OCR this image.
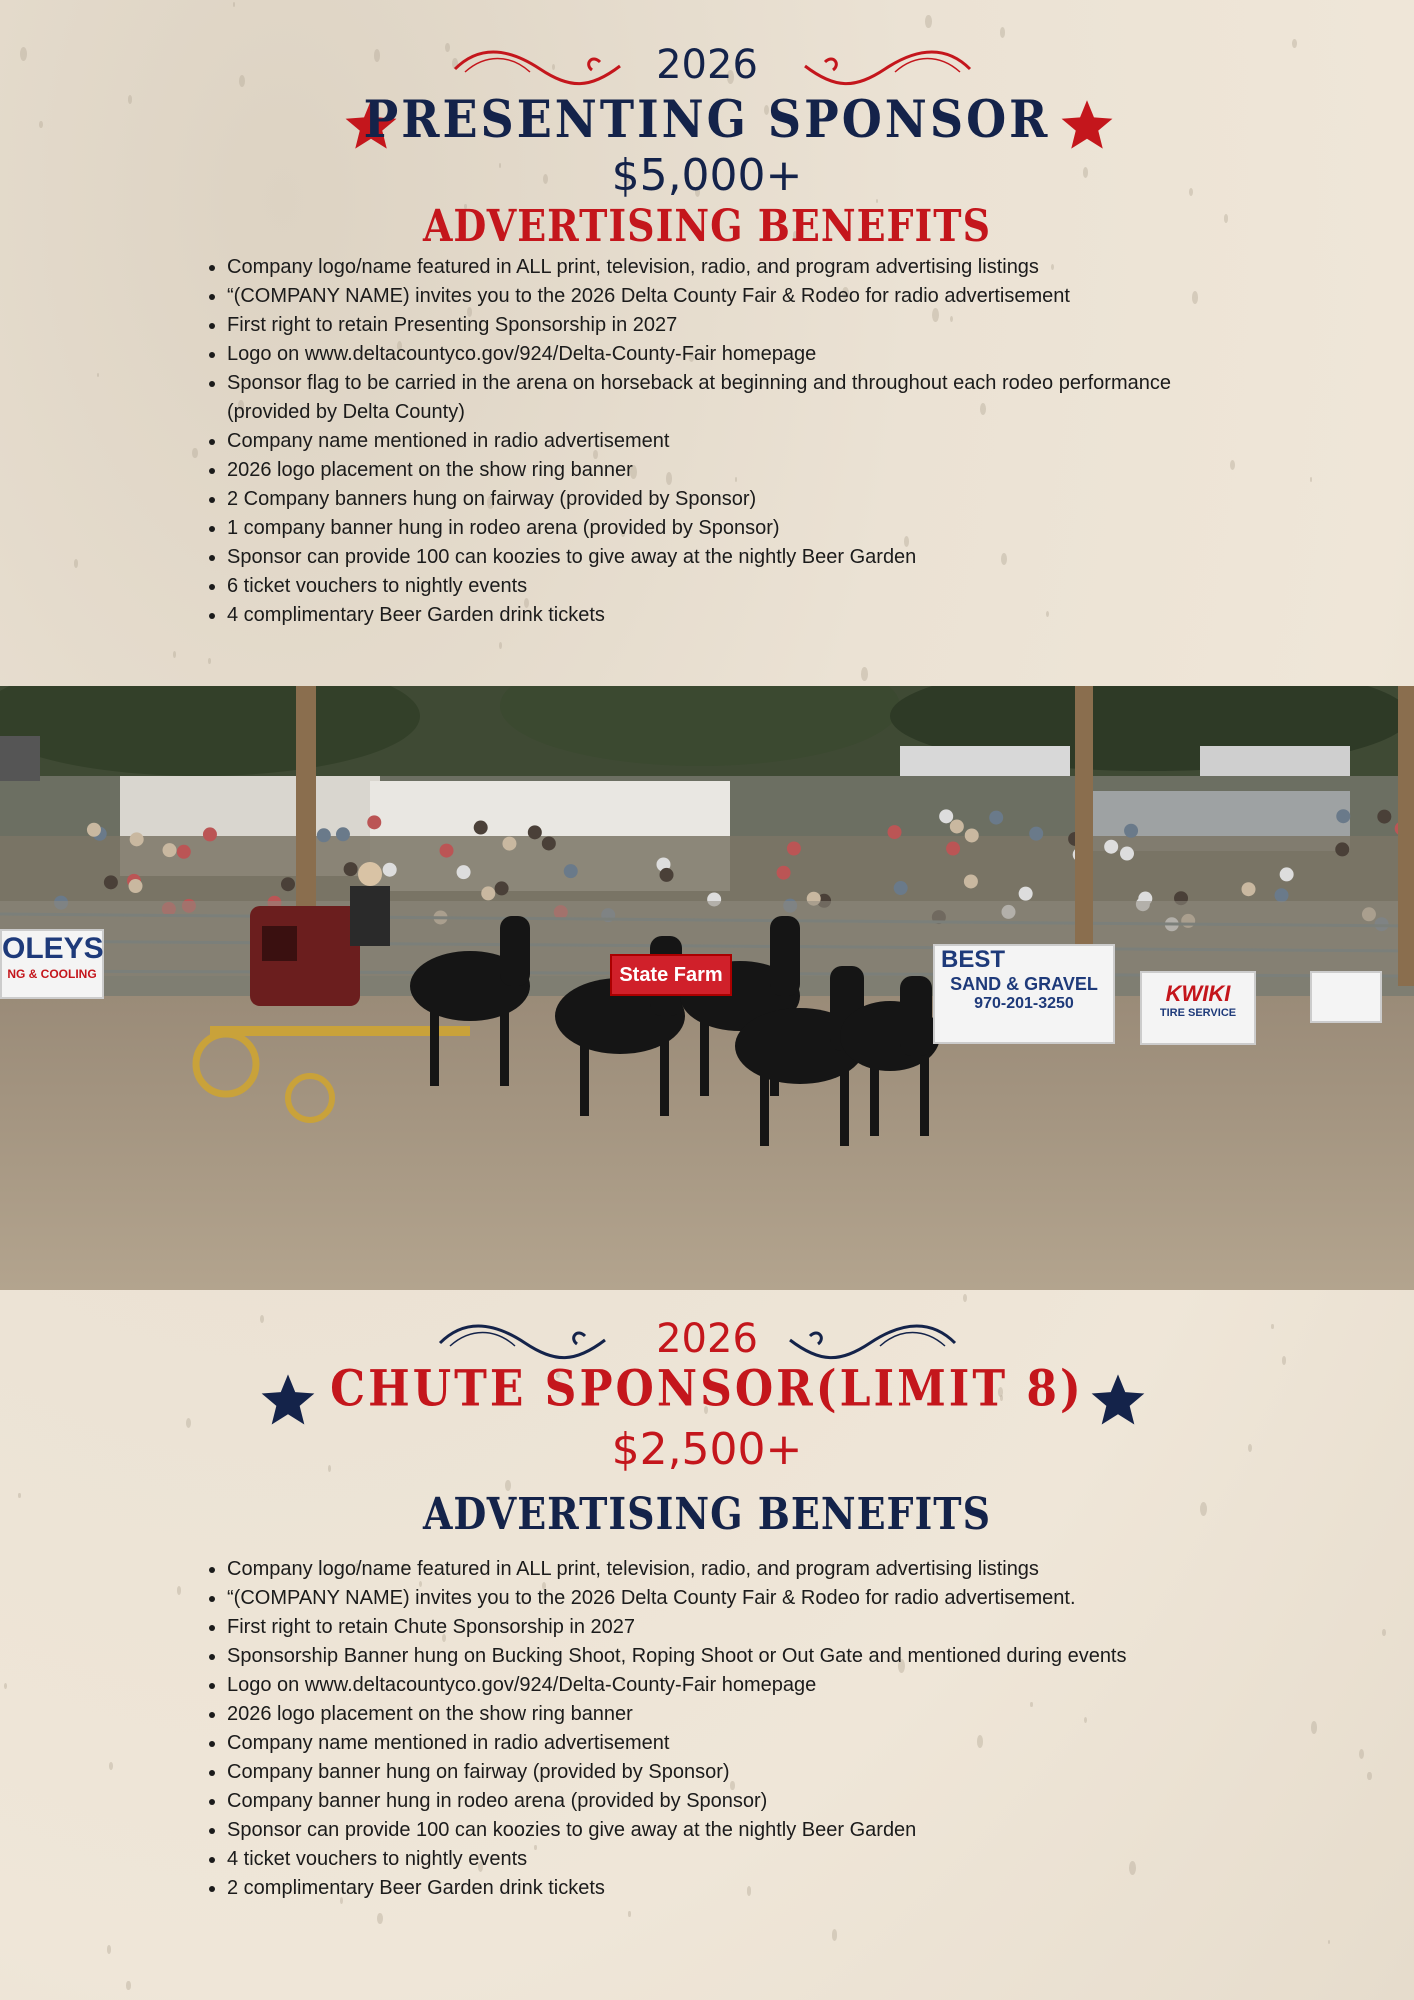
2026
PRESENTING SPONSOR
$5,000+
ADVERTISING BENEFITS
• Company logo/name featured in ALL print, television, radio, and program advertising listings
• “(COMPANY NAME) invites you to the 2026 Delta County Fair & Rodeo for radio advertisement
• First right to retain Presenting Sponsorship in 2027
• Logo on www.deltacountyco.gov/924/Delta-County-Fair homepage
• Sponsor flag to be carried in the arena on horseback at beginning and throughout each rodeo performance (provided by Delta County)
• Company name mentioned in radio advertisement
• 2026 logo placement on the show ring banner
• 2 Company banners hung on fairway (provided by Sponsor)
• 1 company banner hung in rodeo arena (provided by Sponsor)
• Sponsor can provide 100 can koozies to give away at the nightly Beer Garden
• 6 ticket vouchers to nightly events
• 4 complimentary Beer Garden drink tickets
OLEYS
NG & COOLING	State Farm
BEST
SAND & GRAVEL
970-201-3250	KWIKI
TIRE SERVICE
2026
CHUTE SPONSOR(LIMIT 8)
$2,500+
ADVERTISING BENEFITS
• Company logo/name featured in ALL print, television, radio, and program advertising listings
• “(COMPANY NAME) invites you to the 2026 Delta County Fair & Rodeo for radio advertisement.
• First right to retain Chute Sponsorship in 2027
• Sponsorship Banner hung on Bucking Shoot, Roping Shoot or Out Gate and mentioned during events
• Logo on www.deltacountyco.gov/924/Delta-County-Fair homepage
• 2026 logo placement on the show ring banner
• Company name mentioned in radio advertisement
• Company banner hung on fairway (provided by Sponsor)
• Company banner hung in rodeo arena (provided by Sponsor)
• Sponsor can provide 100 can koozies to give away at the nightly Beer Garden
• 4 ticket vouchers to nightly events
• 2 complimentary Beer Garden drink tickets
